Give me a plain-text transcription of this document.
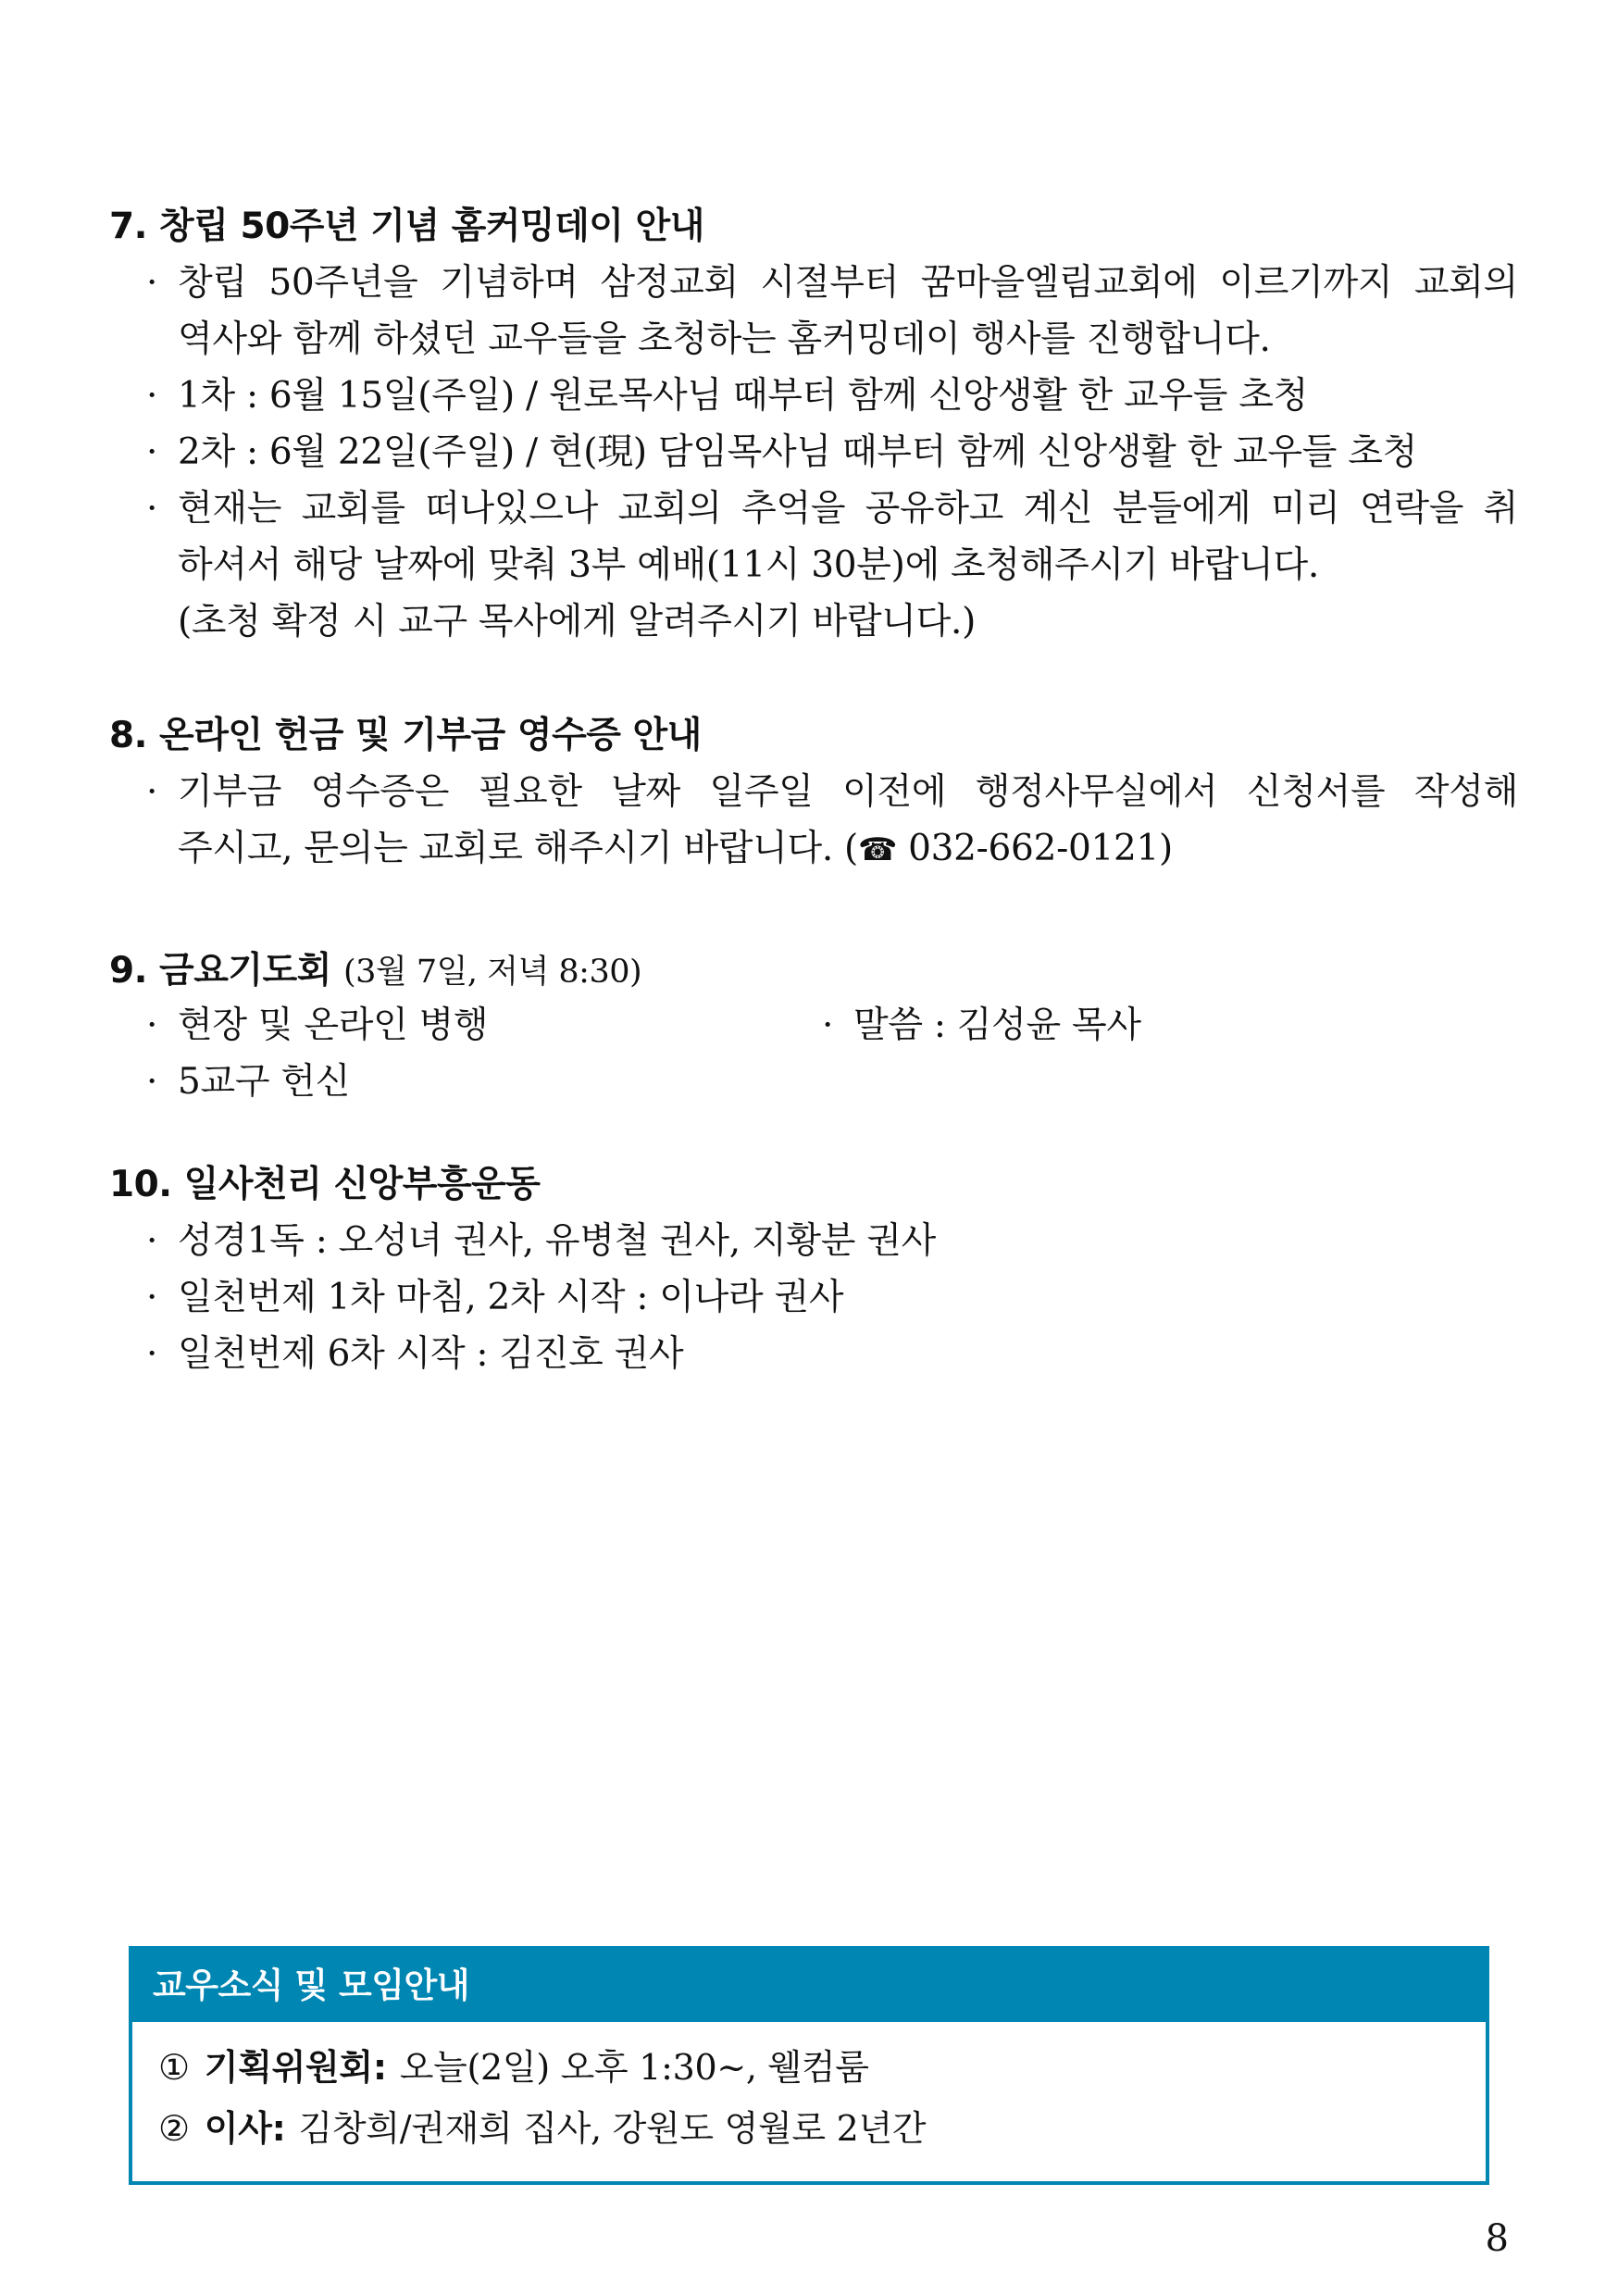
7. 창립 50주년 기념 홈커밍데이 안내
· 창립 50주년을 기념하며 삼정교회 시절부터 꿈마을엘림교회에 이르기까지 교회의
역사와 함께 하셨던 교우들을 초청하는 홈커밍데이 행사를 진행합니다.
· 1차 : 6월 15일(주일) / 원로목사님 때부터 함께 신앙생활 한 교우들 초청
· 2차 : 6월 22일(주일) / 현(現) 담임목사님 때부터 함께 신앙생활 한 교우들 초청
· 현재는 교회를 떠나있으나 교회의 추억을 공유하고 계신 분들에게 미리 연락을 취
하셔서 해당 날짜에 맞춰 3부 예배(11시 30분)에 초청해주시기 바랍니다.
(초청 확정 시 교구 목사에게 알려주시기 바랍니다.)
8. 온라인 헌금 및 기부금 영수증 안내
· 기부금 영수증은 필요한 날짜 일주일 이전에 행정사무실에서 신청서를 작성해
주시고, 문의는 교회로 해주시기 바랍니다. (☎ 032-662-0121)
9. 금요기도회 (3월 7일, 저녁 8:30)
· 현장 및 온라인 병행	· 말씀 : 김성윤 목사
· 5교구 헌신
10. 일사천리 신앙부흥운동
· 성경1독 : 오성녀 권사, 유병철 권사, 지황분 권사
· 일천번제 1차 마침, 2차 시작 : 이나라 권사
· 일천번제 6차 시작 : 김진호 권사
교우소식 및 모임안내
① 기획위원회: 오늘(2일) 오후 1:30~, 웰컴룸
② 이사: 김창희/권재희 집사, 강원도 영월로 2년간
8
